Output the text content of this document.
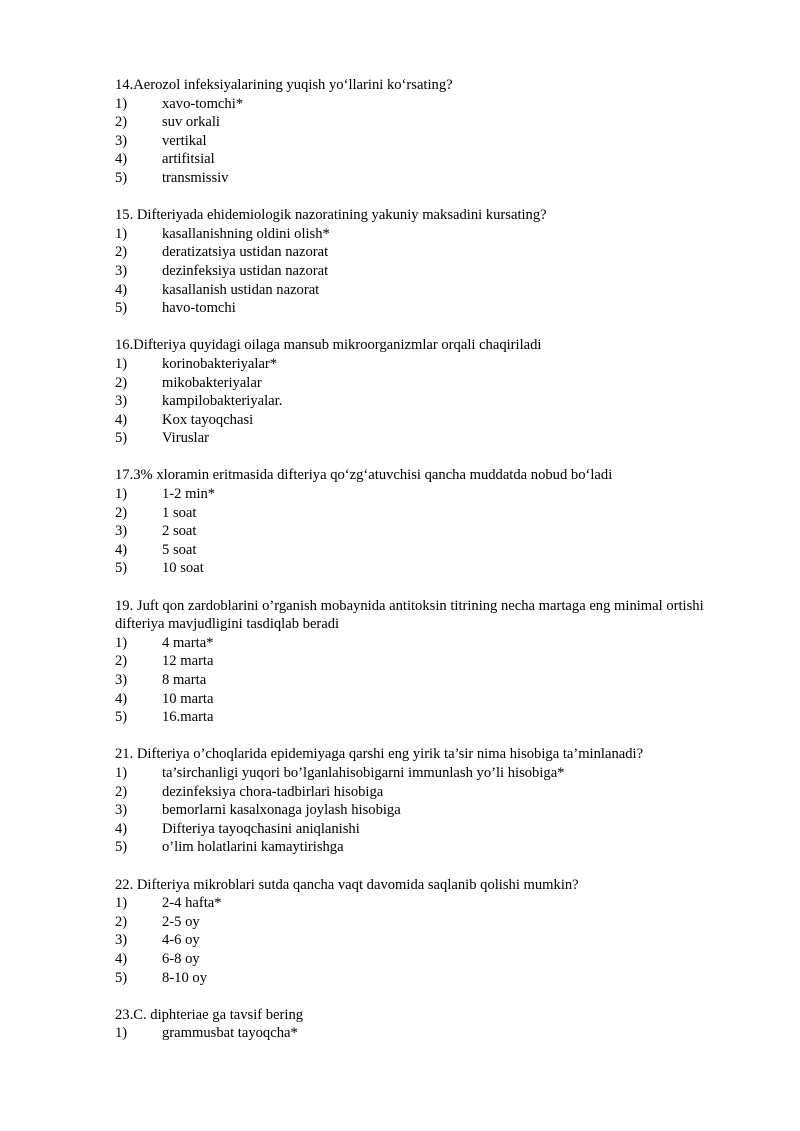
14.Aerozol infeksiyalarining yuqish yo‘llarini ko‘rsating?

1)	xavo-tomchi*
2)	suv orkali
3)	vertikal
4)	artifitsial
5)	transmissiv

15. Difteriyada ehidemiologik nazoratining yakuniy maksadini kursating?

1)	kasallanishning oldini olish*
2)	deratizatsiya ustidan nazorat
3)	dezinfeksiya ustidan nazorat
4)	kasallanish ustidan nazorat
5)	havo-tomchi

16.Difteriya quyidagi oilaga mansub mikroorganizmlar orqali chaqiriladi

1)	korinobakteriyalar*
2)	mikobakteriyalar
3)	kampilobakteriyalar.
4)	Kox tayoqchasi
5)	Viruslar

17.3% xloramin eritmasida difteriya qo‘zg‘atuvchisi qancha muddatda nobud bo‘ladi

1)	1-2 min*
2)	1 soat
3)	2 soat
4)	5 soat
5)	10 soat

19. Juft qon zardoblarini o’rganish mobaynida antitoksin titrining necha martaga eng minimal ortishi difteriya mavjudligini tasdiqlab beradi

1)	4 marta*
2)	12 marta
3)	8 marta
4)	10 marta
5)	16.marta

21. Difteriya o’choqlarida epidemiyaga qarshi eng yirik ta’sir nima hisobiga ta’minlanadi?

1)	ta’sirchanligi yuqori bo’lganlahisobigarni immunlash yo’li hisobiga*
2)	dezinfeksiya chora-tadbirlari hisobiga
3)	bemorlarni kasalxonaga joylash hisobiga
4)	Difteriya tayoqchasini aniqlanishi
5)	o’lim holatlarini kamaytirishga

22. Difteriya mikroblari sutda qancha vaqt davomida saqlanib qolishi mumkin?

1)	2-4 hafta*
2)	2-5 oy
3)	4-6 oy
4)	6-8 oy
5)	8-10 oy

23.C. diphteriae ga tavsif bering

1)	grammusbat tayoqcha*
